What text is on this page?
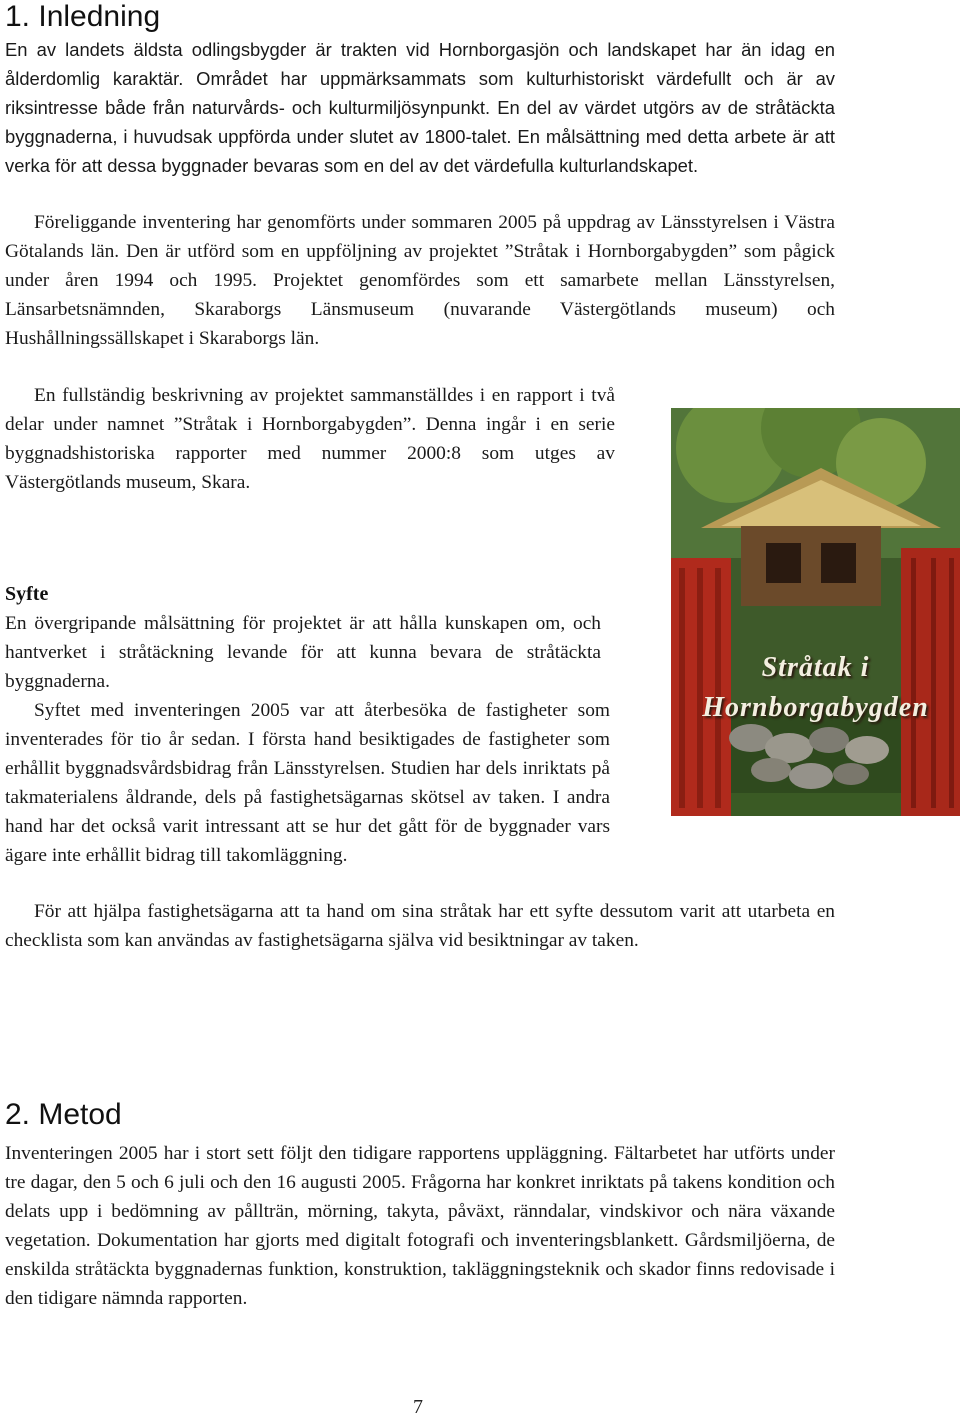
1. Inledning

En av landets äldsta odlingsbygder är trakten vid Hornborgasjön och landskapet har än idag en ålderdomlig karaktär. Området har uppmärksammats som kulturhistoriskt värdefullt och är av riksintresse både från naturvårds- och kulturmiljösynpunkt. En del av värdet utgörs av de stråtäckta byggnaderna, i huvudsak uppförda under slutet av 1800-talet. En målsättning med detta arbete är att verka för att dessa byggnader bevaras som en del av det värdefulla kulturlandskapet.

Föreliggande inventering har genomförts under sommaren 2005 på uppdrag av Länsstyrelsen i Västra Götalands län. Den är utförd som en uppföljning av projektet ”Stråtak i Hornborgabygden” som pågick under åren 1994 och 1995. Projektet genomfördes som ett samarbete mellan Länsstyrelsen, Länsarbetsnämnden, Skaraborgs Länsmuseum (nuvarande Västergötlands museum) och Hushållningssällskapet i Skaraborgs län.

En fullständig beskrivning av projektet sammanställdes i en rapport i två delar under namnet ”Stråtak i Hornborgabygden”. Denna ingår i en serie byggnadshistoriska rapporter med nummer 2000:8 som utges av Västergötlands museum, Skara.

Stråtak i
Hornborgabygden
Syfte

En övergripande målsättning för projektet är att hålla kunskapen om, och hantverket i stråtäckning levande för att kunna bevara de stråtäckta byggnaderna.

Syftet med inventeringen 2005 var att återbesöka de fastigheter som inventerades för tio år sedan. I första hand besiktigades de fastigheter som erhållit byggnadsvårdsbidrag från Länsstyrelsen. Studien har dels inriktats på takmaterialens åldrande, dels på fastighetsägarnas skötsel av taken. I andra hand har det också varit intressant att se hur det gått för de byggnader vars ägare inte erhållit bidrag till takomläggning.

För att hjälpa fastighetsägarna att ta hand om sina stråtak har ett syfte dessutom varit att utarbeta en checklista som kan användas av fastighetsägarna själva vid besiktningar av taken.

2. Metod

Inventeringen 2005 har i stort sett följt den tidigare rapportens uppläggning. Fältarbetet har utförts under tre dagar, den 5 och 6 juli och den 16 augusti 2005. Frågorna har konkret inriktats på takens kondition och delats upp i bedömning av pållträn, mörning, takyta, påväxt, ränndalar, vindskivor och nära växande vegetation. Dokumentation har gjorts med digitalt fotografi och inventeringsblankett. Gårdsmiljöerna, de enskilda stråtäckta byggnadernas funktion, konstruktion, takläggningsteknik och skador finns redovisade i den tidigare nämnda rapporten.

7
